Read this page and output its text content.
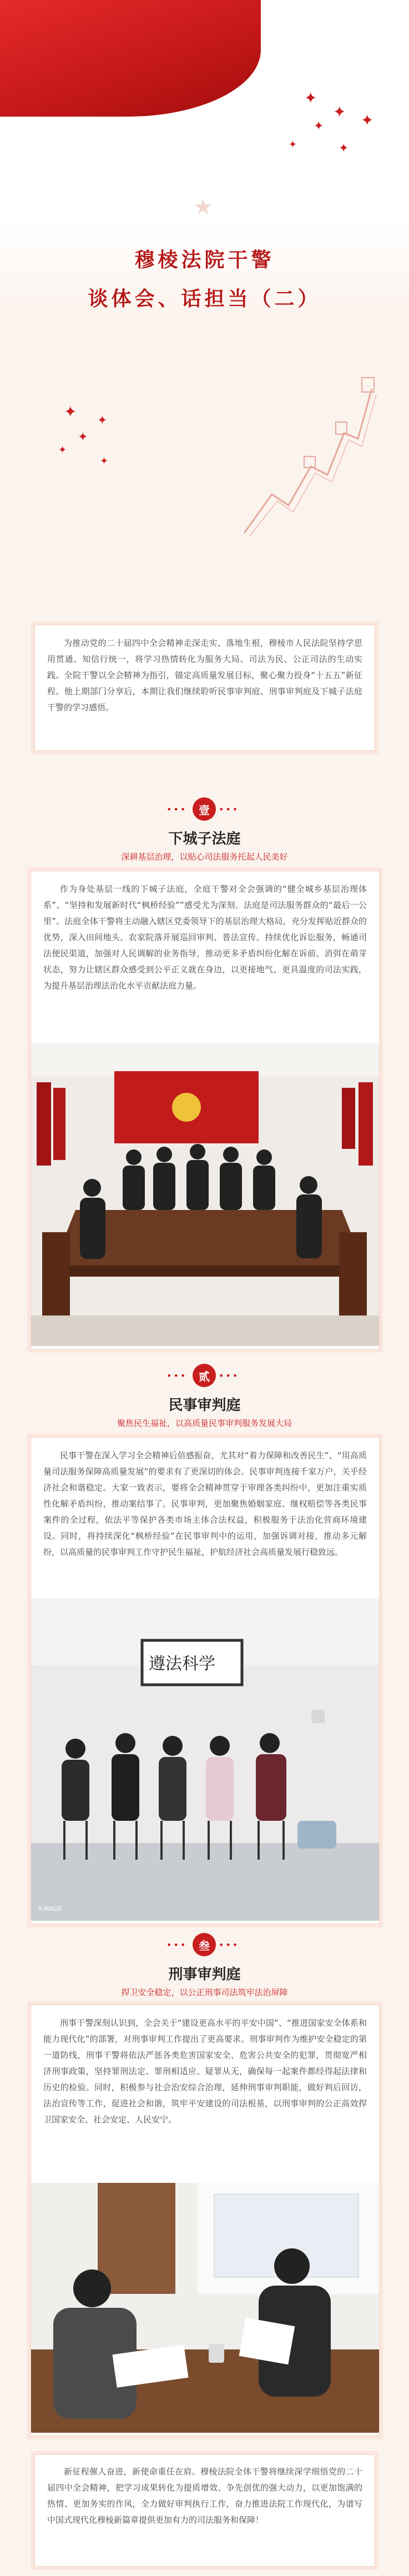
✦
✦
✦ ✦
✦
✦
★
穆棱法院干警
谈体会、话担当（二）
✦ ✦
✦
✦
✦
为推动党的二十届四中全会精神走深走实、落地生根，穆棱市人民法院坚持学思用贯通、知信行统一，将学习热情转化为服务大局、司法为民、公正司法的生动实践。全院干警以全会精神为指引，锚定高质量发展目标，聚心聚力投身“十五五”新征程。他上期部门分享后，本期让我们继续聆听民事审判庭、刑事审判庭及下城子法庭干警的学习感悟。
•••	壹	•••
下城子法庭
深耕基层治理，以贴心司法服务托起人民美好
作为身处基层一线的下城子法庭，全庭干警对全会强调的“健全城乡基层治理体系”、“坚持和发展新时代“枫桥经验””感受尤为深刻。法庭是司法服务群众的“最后一公里”。法庭全体干警将主动融入辖区党委领导下的基层治理大格局，充分发挥贴近群众的优势，深入田间地头、农家院落开展巡回审判、普法宣传。持续优化诉讼服务，畅通司法便民渠道，加强对人民调解的业务指导，推动更多矛盾纠纷化解在诉前、消弭在萌芽状态，努力让辖区群众感受到公平正义就在身边，以更接地气、更具温度的司法实践，为提升基层治理法治化水平贡献法庭力量。
•••	贰	•••
民事审判庭
聚焦民生福祉，以高质量民事审判服务发展大局
民事干警在深入学习全会精神后倍感振奋，尤其对“着力保障和改善民生”、“用高质量司法服务保障高质量发展”的要求有了更深切的体会。民事审判连接千家万户，关乎经济社会和谐稳定。大家一致表示，要将全会精神贯穿于审理各类纠纷中，更加注重实质性化解矛盾纠纷，推动案结事了。民事审判，更加聚焦婚姻家庭、继权赔偿等各类民事案件的全过程，依法平等保护各类市场主体合法权益，积极服务于法治化营商环境建设。同时，将持续深化“枫桥经验”在民事审判中的运用，加强诉调对接，推动多元解纷，以高质量的民事审判工作守护民生福祉，护航经济社会高质量发展行稳致远。
遵法科学
X-MAGE
•••	叁	•••
刑事审判庭
捍卫安全稳定，以公正刑事司法筑牢法治屏障
刑事干警深刻认识到，全会关于“建设更高水平的平安中国”、“推进国家安全体系和能力现代化”的部署，对刑事审判工作提出了更高要求。刑事审判作为维护安全稳定的第一道防线，刑事干警将依法严惩各类危害国家安全、危害公共安全的犯罪，贯彻宽严相济刑事政策，坚持罪刑法定、罪刑相适应、疑罪从无，确保每一起案件都经得起法律和历史的检验。同时，积极参与社会治安综合治理，延伸刑事审判职能，做好判后回访，法治宣传等工作，促进社会和谐，筑牢平安建设的司法根基，以刑事审判的公正高效捍卫国家安全、社会安定、人民安宁。
新征程催人奋进，新使命重任在肩。穆棱法院全体干警将继续深学细悟党的二十届四中全会精神，把学习成果转化为提质增效、争先创优的强大动力，以更加饱满的热情、更加务实的作风，全力做好审判执行工作，奋力推进法院工作现代化，为谱写中国式现代化穆棱新篇章提供更加有力的司法服务和保障！
